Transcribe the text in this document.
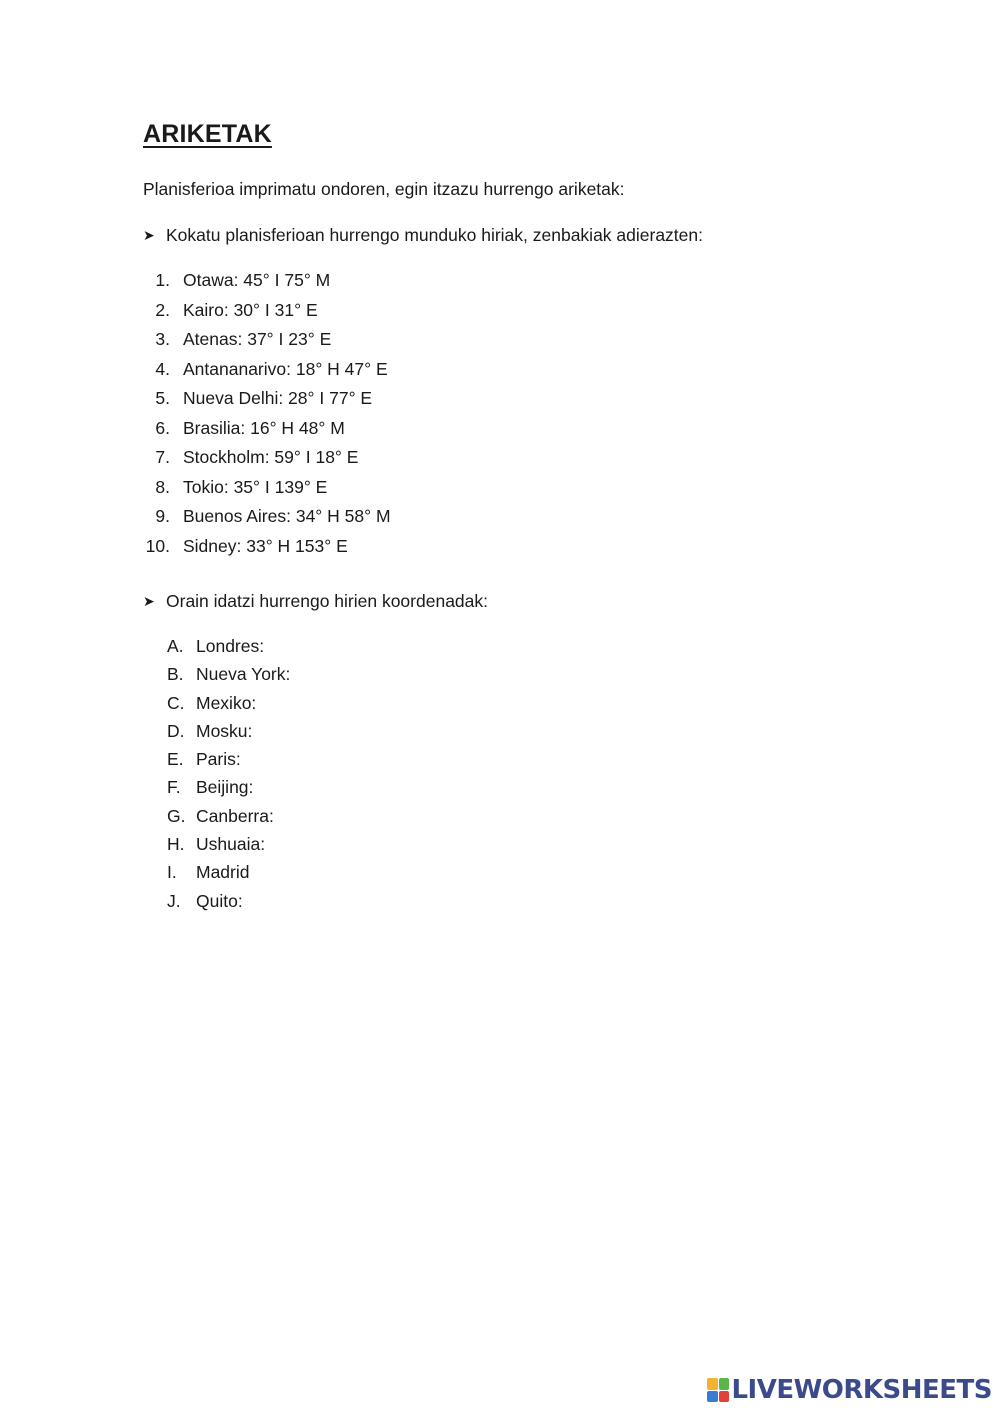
ARIKETAK

Planisferioa imprimatu ondoren, egin itzazu hurrengo ariketak:

➤ Kokatu planisferioan hurrengo munduko hiriak, zenbakiak adierazten:

1. Otawa: 45° I 75° M
2. Kairo: 30° I 31° E
3. Atenas: 37° I 23° E
4. Antananarivo: 18° H 47° E
5. Nueva Delhi: 28° I 77° E
6. Brasilia: 16° H 48° M
7. Stockholm: 59° I 18° E
8. Tokio: 35° I 139° E
9. Buenos Aires: 34° H 58° M
10. Sidney: 33° H 153° E

➤ Orain idatzi hurrengo hirien koordenadak:

A. Londres:
B. Nueva York:
C. Mexiko:
D. Mosku:
E. Paris:
F. Beijing:
G. Canberra:
H. Ushuaia:
I.	Madrid
J. Quito:
LIVEWORKSHEETS
